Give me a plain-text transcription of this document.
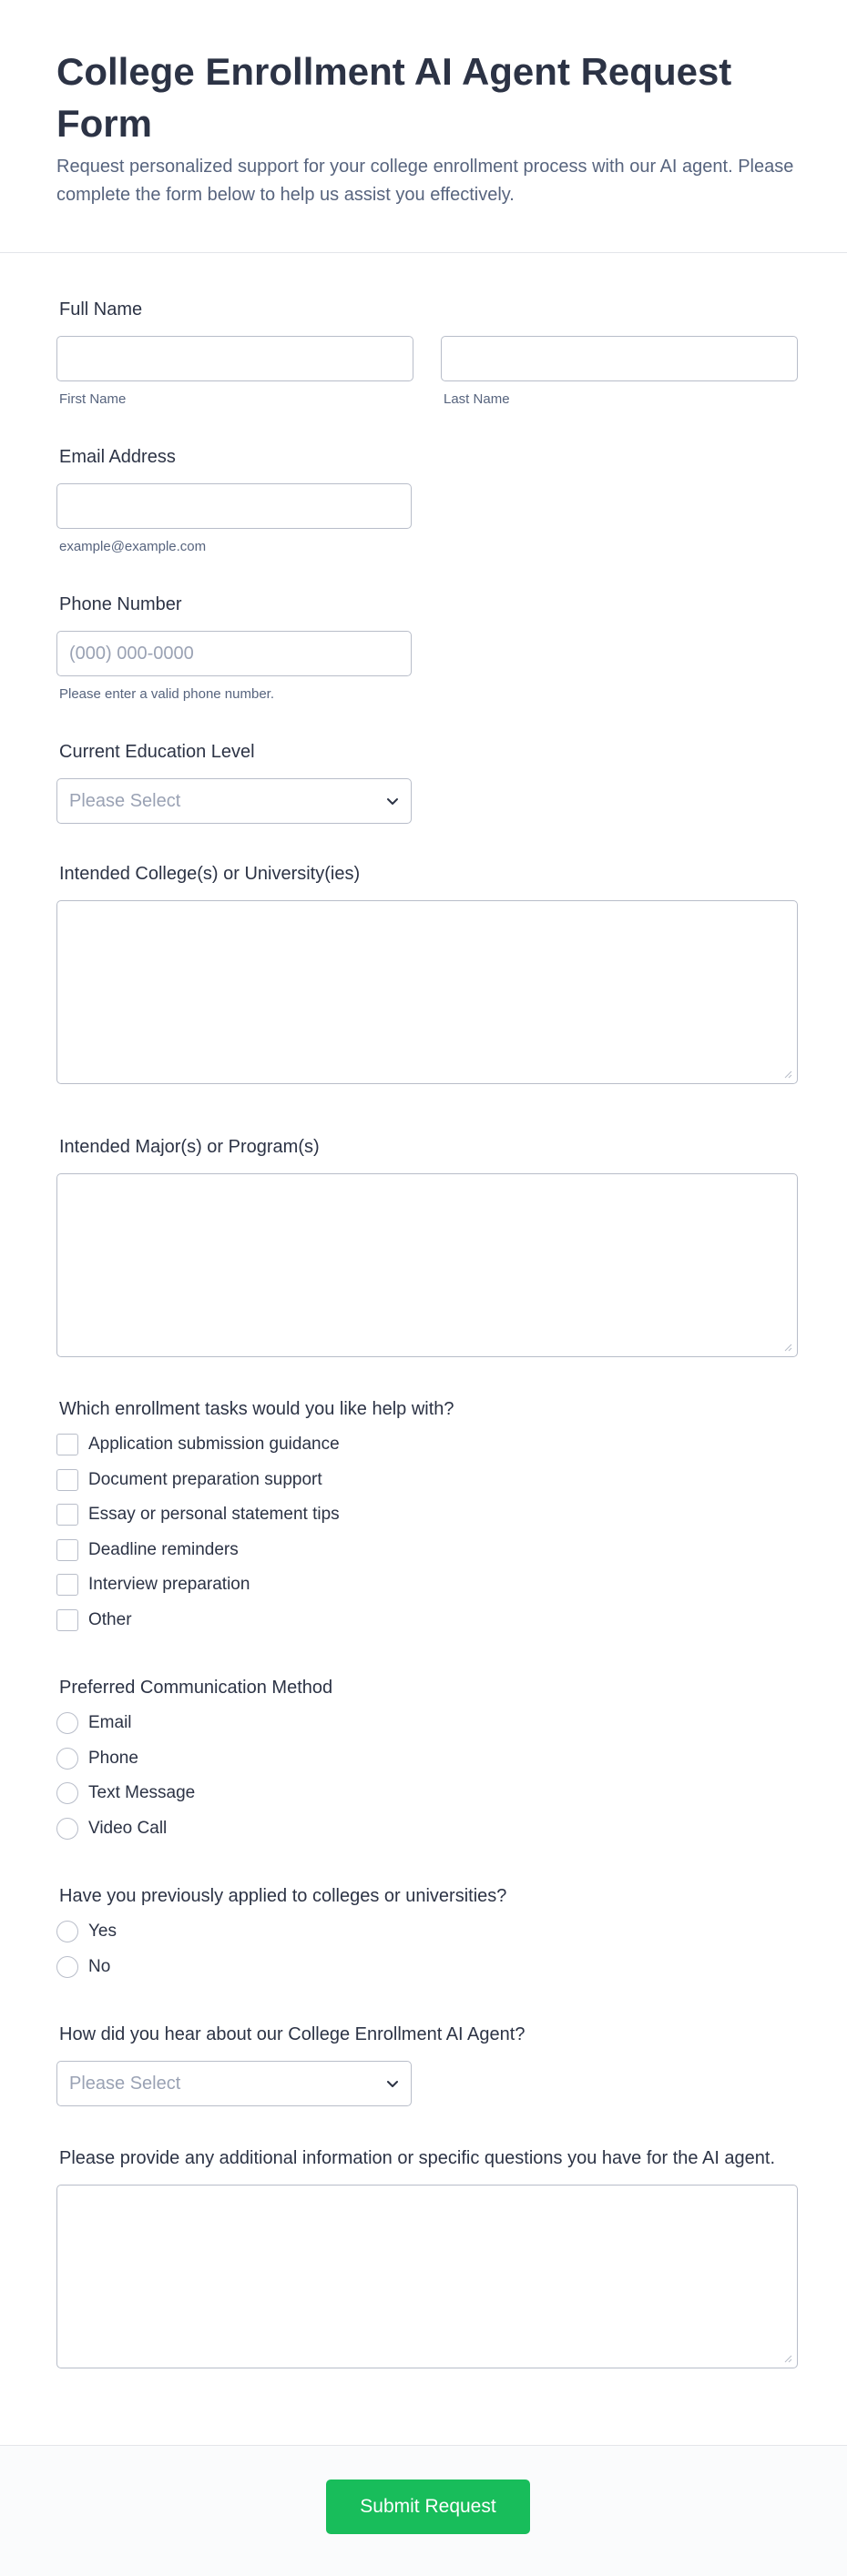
College Enrollment AI Agent Request Form

Request personalized support for your college enrollment process with our AI agent. Please complete the form below to help us assist you effectively.

Full Name
First Name	Last Name
Email Address
example@example.com
Phone Number
(000) 000-0000
Please enter a valid phone number.
Current Education Level
Please Select
Intended College(s) or University(ies)
Intended Major(s) or Program(s)
Which enrollment tasks would you like help with?
Application submission guidance
Document preparation support
Essay or personal statement tips
Deadline reminders
Interview preparation
Other
Preferred Communication Method
Email
Phone
Text Message
Video Call
Have you previously applied to colleges or universities?
Yes
No
How did you hear about our College Enrollment AI Agent?
Please Select
Please provide any additional information or specific questions you have for the AI agent.
Submit Request
